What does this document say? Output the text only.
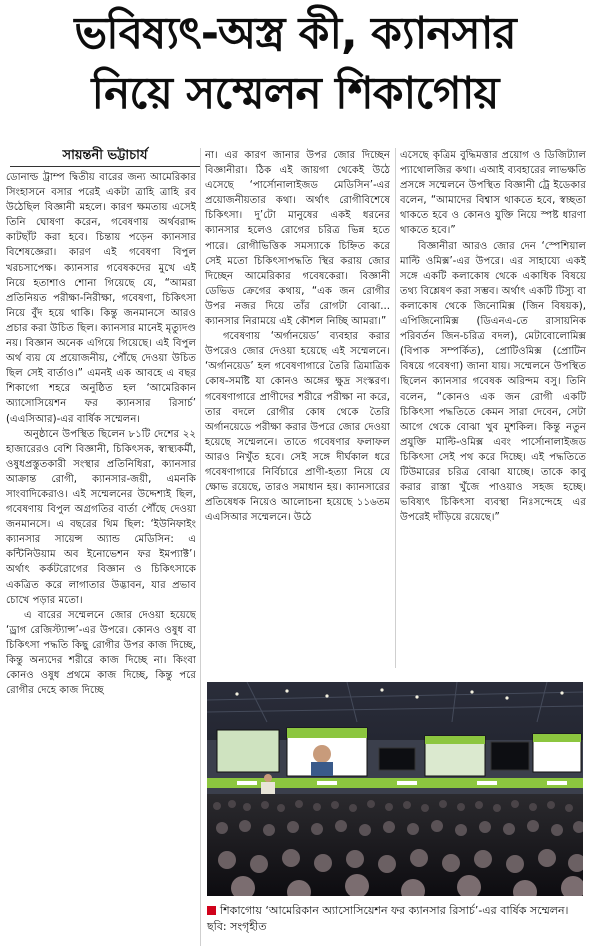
ভবিষ্যৎ-অস্ত্র কী, ক্যানসার
নিয়ে সম্মেলন শিকাগোয়
সায়ন্তনী ভট্টাচার্য

ডোনাল্ড ট্রাম্প দ্বিতীয় বারের জন্য আমেরিকার সিংহাসনে বসার পরেই একটা ত্রাহি ত্রাহি রব উঠেছিল বিজ্ঞানী মহলে। কারণ ক্ষমতায় এসেই তিনি ঘোষণা করেন, গবেষণায় অর্থবরাদ্দ কাটছাঁট করা হবে। চিন্তায় পড়েন ক্যানসার বিশেষজ্ঞেরা। কারণ এই গবেষণা বিপুল খরচসাপেক্ষ। ক্যানসার গবেষকদের মুখে এই নিয়ে হতাশাও শোনা গিয়েছে যে, “আমরা প্রতিনিয়ত পরীক্ষা-নিরীক্ষা, গবেষণা, চিকিৎসা নিয়ে বুঁদ হয়ে থাকি। কিন্তু জনমানসে আরও প্রচার করা উচিত ছিল। ক্যানসার মানেই মৃত্যুদণ্ড নয়। বিজ্ঞান অনেক এগিয়ে গিয়েছে। এই বিপুল অর্থ ব্যয় যে প্রয়োজনীয়, পৌঁছে দেওয়া উচিত ছিল সেই বার্তাও।” এমনই এক আবহে এ বছর শিকাগো শহরে অনুষ্ঠিত হল ‘আমেরিকান অ্যাসোসিয়েশন ফর ক্যানসার রিসার্চ’ (এএসিআর)-এর বার্ষিক সম্মেলন।

অনুষ্ঠানে উপস্থিত ছিলেন ৮১টি দেশের ২২ হাজারেরও বেশি বিজ্ঞানী, চিকিৎসক, স্বাস্থ্যকর্মী, ওষুধপ্রস্তুতকারী সংস্থার প্রতিনিধিরা, ক্যানসার আক্রান্ত রোগী, ক্যানসার-জয়ী, এমনকি সাংবাদিকেরাও। এই সম্মেলনের উদ্দেশ্যই ছিল, গবেষণায় বিপুল অগ্রগতির বার্তা পৌঁছে দেওয়া জনমানসে। এ বছরের থিম ছিল: ‘ইউনিফাইং ক্যানসার সায়েন্স অ্যান্ড মেডিসিন: এ কন্টিনিউয়াম অব ইনোভেশন ফর ইমপ্যাক্ট’। অর্থাৎ কর্কটরোগের বিজ্ঞান ও চিকিৎসাকে একত্রিত করে লাগাতার উদ্ভাবন, যার প্রভাব চোখে পড়ার মতো।

এ বারের সম্মেলনে জোর দেওয়া হয়েছে ‘ড্রাগ রেজিস্ট্যান্স’-এর উপরে। কোনও ওষুধ বা চিকিৎসা পদ্ধতি কিছু রোগীর উপর কাজ দিচ্ছে, কিন্তু অন্যদের শরীরে কাজ দিচ্ছে না। কিংবা কোনও ওষুধ প্রথমে কাজ দিচ্ছে, কিন্তু পরে রোগীর দেহে কাজ দিচ্ছে

না। এর কারণ জানার উপর জোর দিচ্ছেন বিজ্ঞানীরা। ঠিক এই জায়গা থেকেই উঠে এসেছে ‘পার্সোনালাইজড মেডিসিন’-এর প্রয়োজনীয়তার কথা। অর্থাৎ রোগীবিশেষে চিকিৎসা। দু’টো মানুষের একই ধরনের ক্যানসার হলেও রোগের চরিত্র ভিন্ন হতে পারে। রোগীভিত্তিক সমস্যাকে চিহ্নিত করে সেই মতো চিকিৎসাপদ্ধতি স্থির করায় জোর দিচ্ছেন আমেরিকার গবেষকেরা। বিজ্ঞানী ডেভিড ক্রেগের কথায়, “এক জন রোগীর উপর নজর দিয়ে তাঁর রোগটা বোঝা... ক্যানসার নিরাময়ে এই কৌশল নিচ্ছি আমরা।”

গবেষণায় ‘অর্গানয়েড’ ব্যবহার করার উপরেও জোর দেওয়া হয়েছে এই সম্মেলনে। ‘অর্গানয়েড’ হল গবেষণাগারে তৈরি ত্রিমাত্রিক কোষ-সমষ্টি যা কোনও অঙ্গের ক্ষুদ্র সংস্করণ। গবেষণাগারে প্রাণীদের শরীরে পরীক্ষা না করে, তার বদলে রোগীর কোষ থেকে তৈরি অর্গানয়েডে পরীক্ষা করার উপরে জোর দেওয়া হয়েছে সম্মেলনে। তাতে গবেষণার ফলাফল আরও নিখুঁত হবে। সেই সঙ্গে দীর্ঘকাল ধরে গবেষণাগারে নির্বিচারে প্রাণী-হত্যা নিয়ে যে ক্ষোভ রয়েছে, তারও সমাধান হয়। ক্যানসারের প্রতিষেধক নিয়েও আলোচনা হয়েছে ১১৬তম এএসিআর সম্মেলনে। উঠে

এসেছে কৃত্রিম বুদ্ধিমত্তার প্রয়োগ ও ডিজিট্যাল প্যাথোলজির কথা। এআই ব্যবহারের লাভক্ষতি প্রসঙ্গে সম্মেলনে উপস্থিত বিজ্ঞানী ট্রে ইডেকার বলেন, “আমাদের বিশ্বাস থাকতে হবে, স্বচ্ছতা থাকতে হবে ও কোনও যুক্তি নিয়ে স্পষ্ট ধারণা থাকতে হবে।”

বিজ্ঞানীরা আরও জোর দেন ‘স্পেশিয়াল মাল্টি ওমিক্স’-এর উপরে। এর সাহায্যে একই সঙ্গে একটি কলাকোষ থেকে একাধিক বিষয়ে তথ্য বিশ্লেষণ করা সম্ভব। অর্থাৎ একটি টিস্যু বা কলাকোষ থেকে জিনোমিক্স (জিন বিষয়ক), এপিজিনোমিক্স (ডিএনএ-তে রাসায়নিক পরিবর্তন জিন-চরিত্র বদল), মেটাবোলোমিক্স (বিপাক সম্পর্কিত), প্রোটিওমিক্স (প্রোটিন বিষয়ে গবেষণা) জানা যায়। সম্মেলনে উপস্থিত ছিলেন ক্যানসার গবেষক অরিন্দম বসু। তিনি বলেন, “কোনও এক জন রোগী একটি চিকিৎসা পদ্ধতিতে কেমন সারা দেবেন, সেটা আগে থেকে বোঝা খুব মুশকিল। কিন্তু নতুন প্রযুক্তি মাল্টি-ওমিক্স এবং পার্সোনালাইজড চিকিৎসা সেই পথ করে দিচ্ছে। এই পদ্ধতিতে টিউমারের চরিত্র বোঝা যাচ্ছে। তাকে কাবু করার রাস্তা খুঁজে পাওয়াও সহজ হচ্ছে। ভবিষ্যৎ চিকিৎসা ব্যবস্থা নিঃসন্দেহে এর উপরেই দাঁড়িয়ে রয়েছে।”

শিকাগোয় ‘আমেরিকান অ্যাসোসিয়েশন ফর ক্যানসার রিসার্চ’-এর বার্ষিক সম্মেলন। ছবি: সংগৃহীত
